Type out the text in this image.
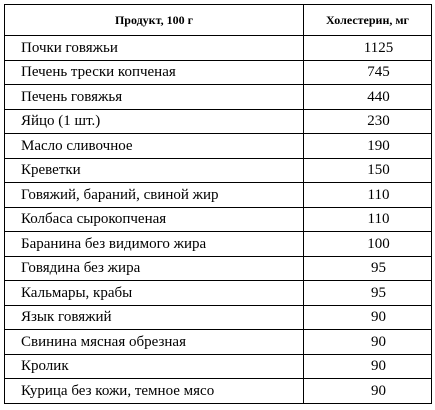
Продукт, 100 г	Холестерин, мг
Почки говяжьи	1125
Печень трески копченая	745
Печень говяжья	440
Яйцо (1 шт.)	230
Масло сливочное	190
Креветки	150
Говяжий, бараний, свиной жир	110
Колбаса сырокопченая	110
Баранина без видимого жира	100
Говядина без жира	95
Кальмары, крабы	95
Язык говяжий	90
Свинина мясная обрезная	90
Кролик	90
Курица без кожи, темное мясо	90
